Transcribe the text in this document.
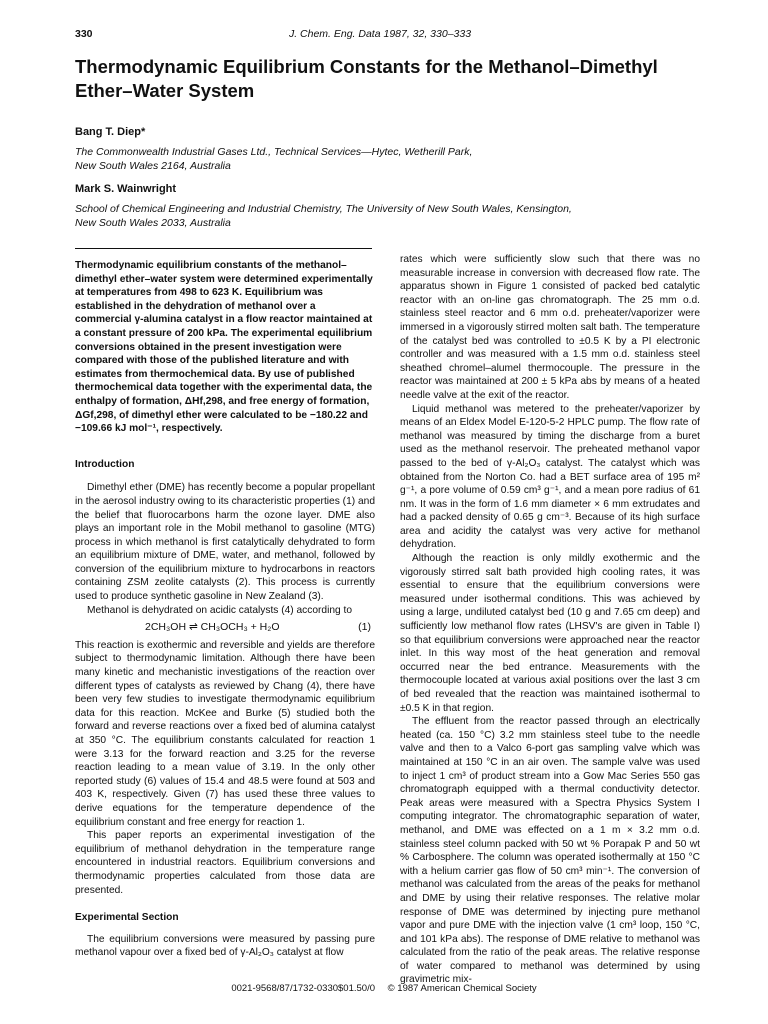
330	J. Chem. Eng. Data 1987, 32, 330–333
Thermodynamic Equilibrium Constants for the Methanol–Dimethyl Ether–Water System
Bang T. Diep*
The Commonwealth Industrial Gases Ltd., Technical Services—Hytec, Wetherill Park,
New South Wales 2164, Australia
Mark S. Wainwright
School of Chemical Engineering and Industrial Chemistry, The University of New South Wales, Kensington,
New South Wales 2033, Australia

Thermodynamic equilibrium constants of the methanol–dimethyl ether–water system were determined experimentally at temperatures from 498 to 623 K. Equilibrium was established in the dehydration of methanol over a commercial γ-alumina catalyst in a flow reactor maintained at a constant pressure of 200 kPa. The experimental equilibrium conversions obtained in the present investigation were compared with those of the published literature and with estimates from thermochemical data. By use of published thermochemical data together with the experimental data, the enthalpy of formation, ΔHf,298, and free energy of formation, ΔGf,298, of dimethyl ether were calculated to be −180.22 and −109.66 kJ mol⁻¹, respectively.

Introduction

Dimethyl ether (DME) has recently become a popular propellant in the aerosol industry owing to its characteristic properties (1) and the belief that fluorocarbons harm the ozone layer. DME also plays an important role in the Mobil methanol to gasoline (MTG) process in which methanol is first catalytically dehydrated to form an equilibrium mixture of DME, water, and methanol, followed by conversion of the equilibrium mixture to hydrocarbons in reactors containing ZSM zeolite catalysts (2). This process is currently used to produce synthetic gasoline in New Zealand (3).

Methanol is dehydrated on acidic catalysts (4) according to

2CH₃OH ⇌ CH₃OCH₃ + H₂O	(1)

This reaction is exothermic and reversible and yields are therefore subject to thermodynamic limitation. Although there have been many kinetic and mechanistic investigations of the reaction over different types of catalysts as reviewed by Chang (4), there have been very few studies to investigate thermodynamic equilibrium data for this reaction. McKee and Burke (5) studied both the forward and reverse reactions over a fixed bed of alumina catalyst at 350 °C. The equilibrium constants calculated for reaction 1 were 3.13 for the forward reaction and 3.25 for the reverse reaction leading to a mean value of 3.19. In the only other reported study (6) values of 15.4 and 48.5 were found at 503 and 403 K, respectively. Given (7) has used these three values to derive equations for the temperature dependence of the equilibrium constant and free energy for reaction 1.

This paper reports an experimental investigation of the equilibrium of methanol dehydration in the temperature range encountered in industrial reactors. Equilibrium conversions and thermodynamic properties calculated from those data are presented.

Experimental Section

The equilibrium conversions were measured by passing pure methanol vapour over a fixed bed of γ-Al₂O₃ catalyst at flow

rates which were sufficiently slow such that there was no measurable increase in conversion with decreased flow rate. The apparatus shown in Figure 1 consisted of packed bed catalytic reactor with an on-line gas chromatograph. The 25 mm o.d. stainless steel reactor and 6 mm o.d. preheater/vaporizer were immersed in a vigorously stirred molten salt bath. The temperature of the catalyst bed was controlled to ±0.5 K by a PI electronic controller and was measured with a 1.5 mm o.d. stainless steel sheathed chromel–alumel thermocouple. The pressure in the reactor was maintained at 200 ± 5 kPa abs by means of a heated needle valve at the exit of the reactor.

Liquid methanol was metered to the preheater/vaporizer by means of an Eldex Model E-120-5-2 HPLC pump. The flow rate of methanol was measured by timing the discharge from a buret used as the methanol reservoir. The preheated methanol vapor passed to the bed of γ-Al₂O₃ catalyst. The catalyst which was obtained from the Norton Co. had a BET surface area of 195 m² g⁻¹, a pore volume of 0.59 cm³ g⁻¹, and a mean pore radius of 61 nm. It was in the form of 1.6 mm diameter × 6 mm extrudates and had a packed density of 0.65 g cm⁻³. Because of its high surface area and acidity the catalyst was very active for methanol dehydration.

Although the reaction is only mildly exothermic and the vigorously stirred salt bath provided high cooling rates, it was essential to ensure that the equilibrium conversions were measured under isothermal conditions. This was achieved by using a large, undiluted catalyst bed (10 g and 7.65 cm deep) and sufficiently low methanol flow rates (LHSV's are given in Table I) so that equilibrium conversions were approached near the reactor inlet. In this way most of the heat generation and removal occurred near the bed entrance. Measurements with the thermocouple located at various axial positions over the last 3 cm of bed revealed that the reaction was maintained isothermal to ±0.5 K in that region.

The effluent from the reactor passed through an electrically heated (ca. 150 °C) 3.2 mm stainless steel tube to the needle valve and then to a Valco 6-port gas sampling valve which was maintained at 150 °C in an air oven. The sample valve was used to inject 1 cm³ of product stream into a Gow Mac Series 550 gas chromatograph equipped with a thermal conductivity detector. Peak areas were measured with a Spectra Physics System I computing integrator. The chromatographic separation of water, methanol, and DME was effected on a 1 m × 3.2 mm o.d. stainless steel column packed with 50 wt % Porapak P and 50 wt % Carbosphere. The column was operated isothermally at 150 °C with a helium carrier gas flow of 50 cm³ min⁻¹. The conversion of methanol was calculated from the areas of the peaks for methanol and DME by using their relative responses. The relative molar response of DME was determined by injecting pure methanol vapor and pure DME with the injection valve (1 cm³ loop, 150 °C, and 101 kPa abs). The response of DME relative to methanol was calculated from the ratio of the peak areas. The relative response of water compared to methanol was determined by using gravimetric mix-

0021-9568/87/1732-0330$01.50/0 © 1987 American Chemical Society
